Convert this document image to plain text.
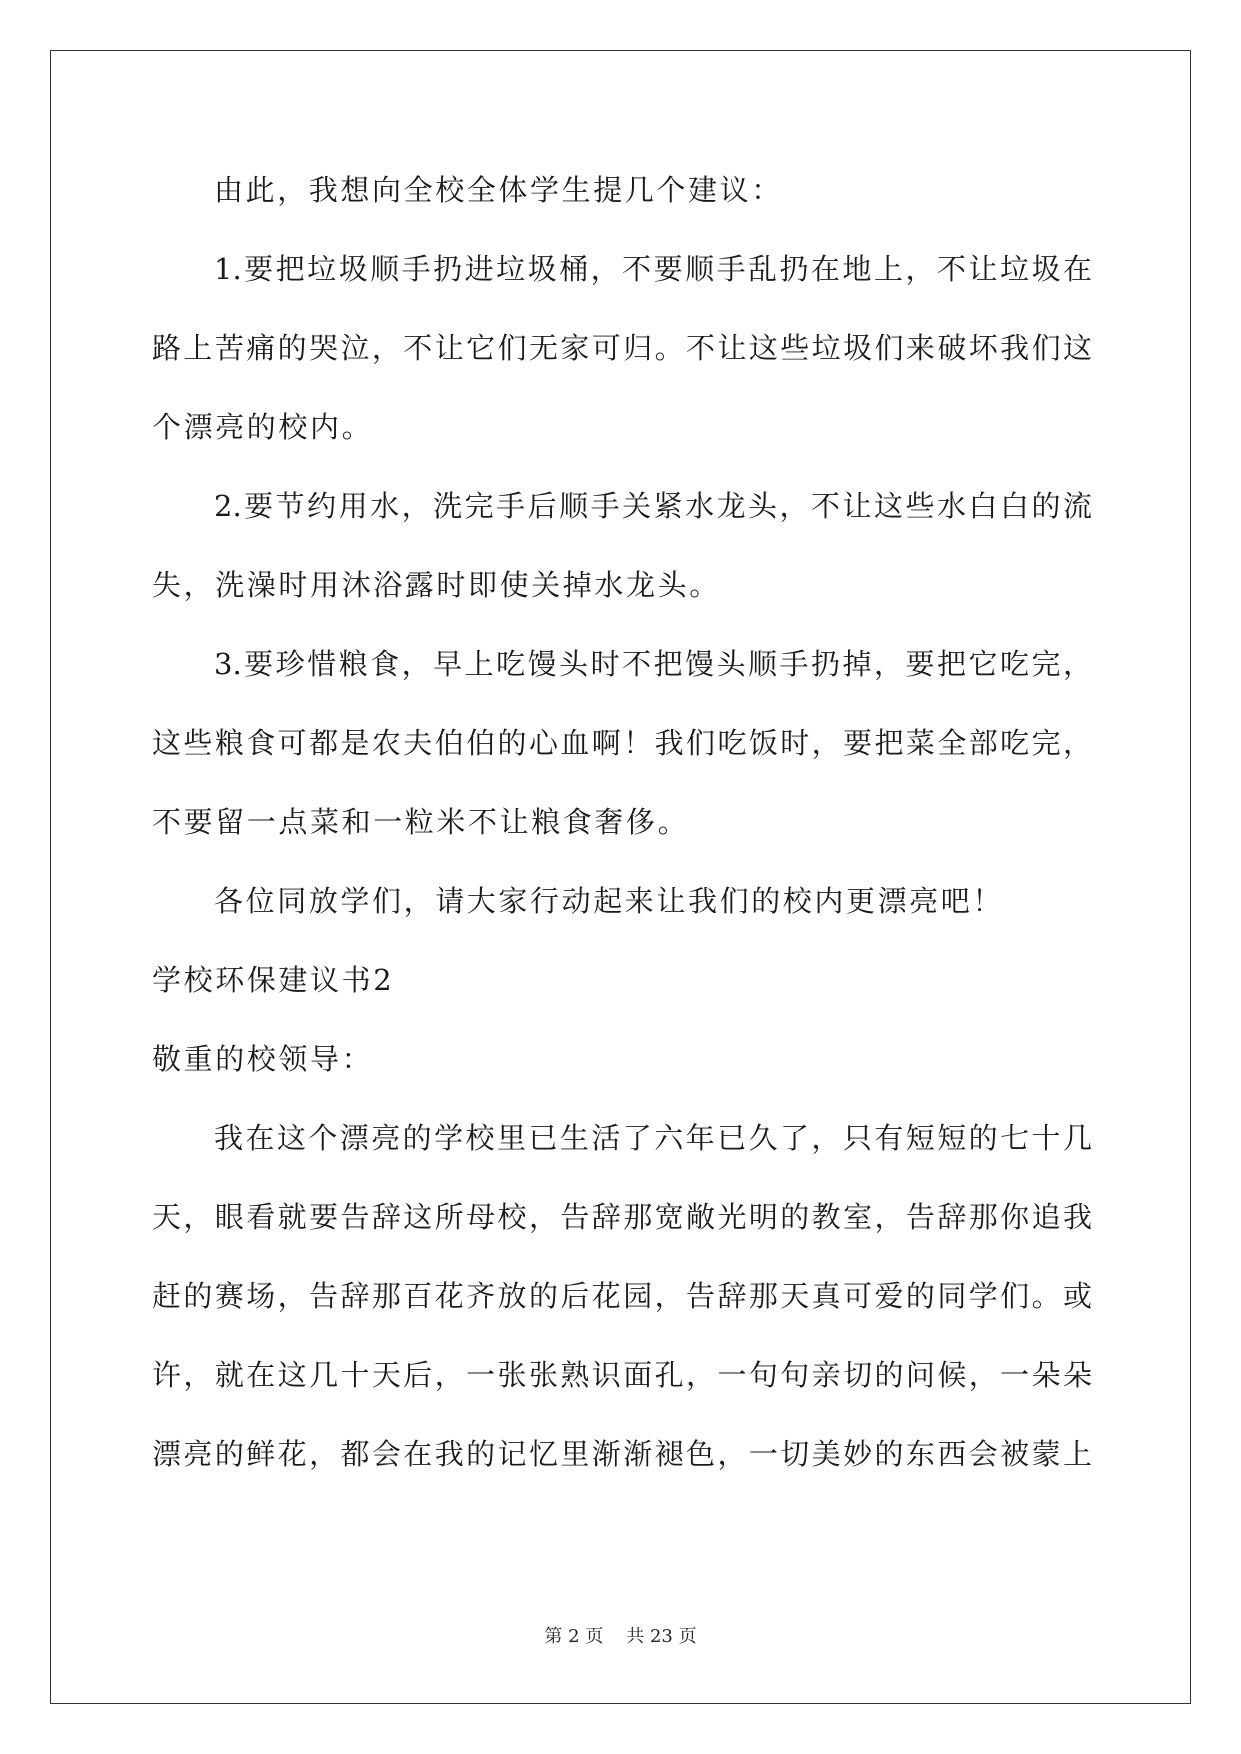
由此，我想向全校全体学生提几个建议：

1.要把垃圾顺手扔进垃圾桶，不要顺手乱扔在地上，不让垃圾在

路上苦痛的哭泣，不让它们无家可归。不让这些垃圾们来破坏我们这

个漂亮的校内。

2.要节约用水，洗完手后顺手关紧水龙头，不让这些水白白的流

失，洗澡时用沐浴露时即使关掉水龙头。

3.要珍惜粮食，早上吃馒头时不把馒头顺手扔掉，要把它吃完，

这些粮食可都是农夫伯伯的心血啊！我们吃饭时，要把菜全部吃完，

不要留一点菜和一粒米不让粮食奢侈。

各位同放学们，请大家行动起来让我们的校内更漂亮吧！

学校环保建议书2

敬重的校领导：

我在这个漂亮的学校里已生活了六年已久了，只有短短的七十几

天，眼看就要告辞这所母校，告辞那宽敞光明的教室，告辞那你追我

赶的赛场，告辞那百花齐放的后花园，告辞那天真可爱的同学们。或

许，就在这几十天后，一张张熟识面孔，一句句亲切的问候，一朵朵

漂亮的鲜花，都会在我的记忆里渐渐褪色，一切美妙的东西会被蒙上

第 2 页 共 23 页
